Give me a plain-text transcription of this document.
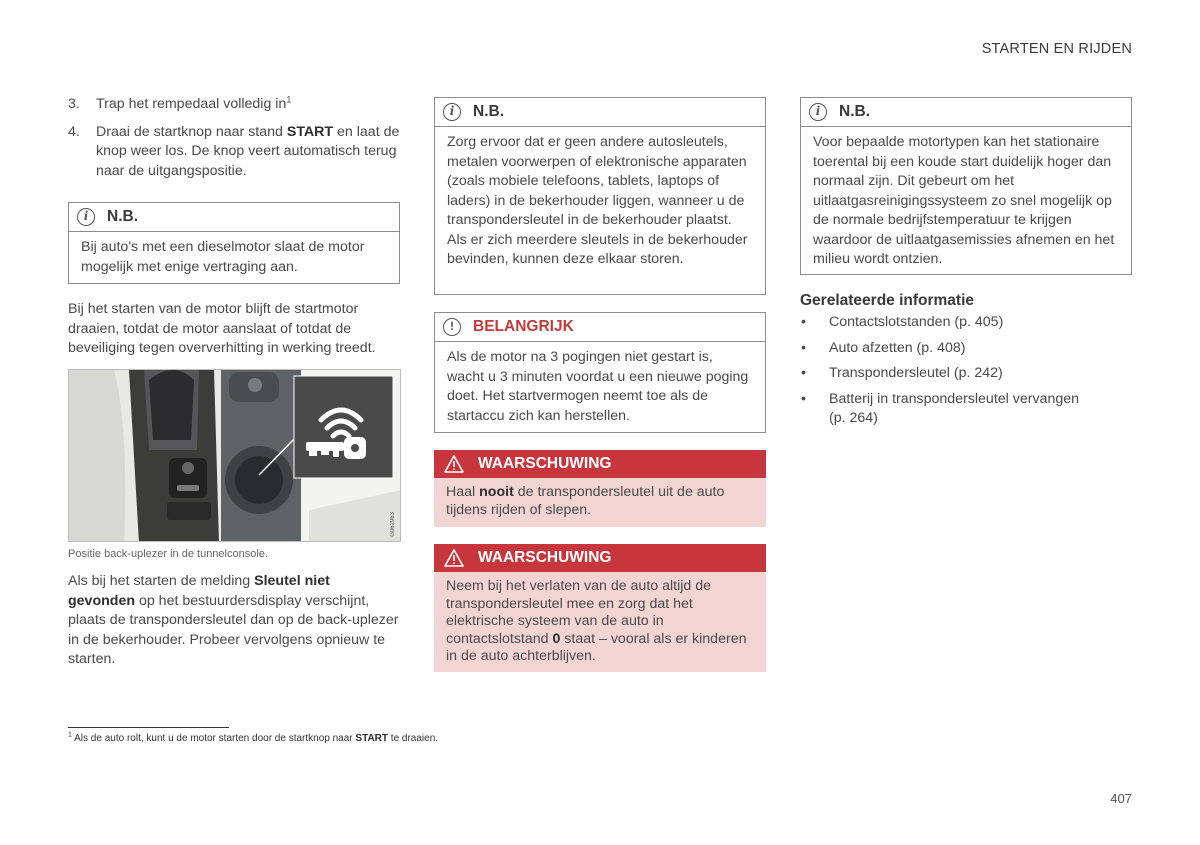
STARTEN EN RIJDEN
3.	Trap het rempedaal volledig $in^1$
4.	Draai de startknop naar stand START en laat de knop weer los. De knop veert automatisch terug naar de uitgangspositie.
i	N.B.
Bij auto's met een dieselmotor slaat de motor mogelijk met enige vertraging aan.
Bij het starten van de motor blijft de startmotor draaien, totdat de motor aanslaat of totdat de beveiliging tegen oververhitting in werking treedt.
G062963
Positie back-uplezer in de tunnelconsole.
Als bij het starten de melding Sleutel niet gevonden op het bestuurdersdisplay verschijnt, plaats de transpondersleutel dan op de back-uplezer in de bekerhouder. Probeer vervolgens opnieuw te starten.
i	N.B.
Zorg ervoor dat er geen andere autosleutels, metalen voorwerpen of elektronische apparaten (zoals mobiele telefoons, tablets, laptops of laders) in de bekerhouder liggen, wanneer u de transpondersleutel in de bekerhouder plaatst. Als er zich meerdere sleutels in de bekerhouder bevinden, kunnen deze elkaar storen.
!	BELANGRIJK
Als de motor na 3 pogingen niet gestart is, wacht u 3 minuten voordat u een nieuwe poging doet. Het startvermogen neemt toe als de startaccu zich kan herstellen.
WAARSCHUWING
Haal nooit de transpondersleutel uit de auto tijdens rijden of slepen.
WAARSCHUWING
Neem bij het verlaten van de auto altijd de transpondersleutel mee en zorg dat het elektrische systeem van de auto in contactslotstand 0 staat – vooral als er kinderen in de auto achterblijven.
i	N.B.
Voor bepaalde motortypen kan het stationaire toerental bij een koude start duidelijk hoger dan normaal zijn. Dit gebeurt om het uitlaatgasreinigingssysteem zo snel mogelijk op de normale bedrijfstemperatuur te krijgen waardoor de uitlaatgasemissies afnemen en het milieu wordt ontzien.
Gerelateerde informatie
•	Contactslotstanden (p. 405)
•	Auto afzetten (p. 408)
•	Transpondersleutel (p. 242)
•	Batterij in transpondersleutel vervangen (p. 264)
$^1$ Als de auto rolt, kunt u de motor starten door de startknop naar START te draaien.
407
